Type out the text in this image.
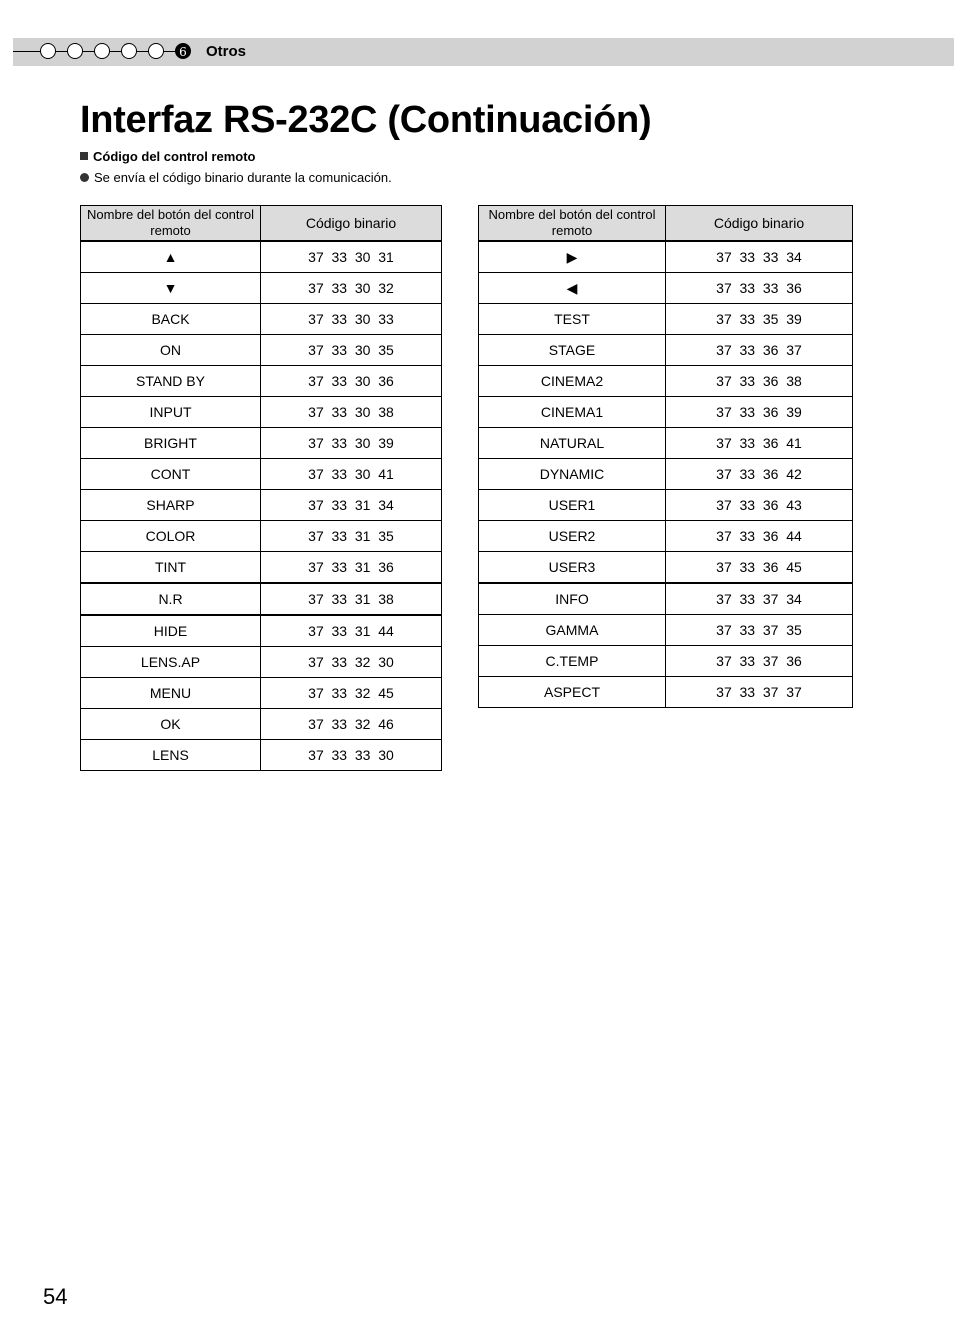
6 Otros
Interfaz RS-232C (Continuación)
Código del control remoto
Se envía el código binario durante la comunicación.
Nombre del botón del control remoto	Código binario
▲	37  33  30  31
▼	37  33  30  32
BACK	37  33  30  33
ON	37  33  30  35
STAND BY	37  33  30  36
INPUT	37  33  30  38
BRIGHT	37  33  30  39
CONT	37  33  30  41
SHARP	37  33  31  34
COLOR	37  33  31  35
TINT	37  33  31  36
N.R	37  33  31  38
HIDE	37  33  31  44
LENS.AP	37  33  32  30
MENU	37  33  32  45
OK	37  33  32  46
LENS	37  33  33  30
Nombre del botón del control remoto	Código binario
▶	37  33  33  34
◀	37  33  33  36
TEST	37  33  35  39
STAGE	37  33  36  37
CINEMA2	37  33  36  38
CINEMA1	37  33  36  39
NATURAL	37  33  36  41
DYNAMIC	37  33  36  42
USER1	37  33  36  43
USER2	37  33  36  44
USER3	37  33  36  45
INFO	37  33  37  34
GAMMA	37  33  37  35
C.TEMP	37  33  37  36
ASPECT	37  33  37  37
54
